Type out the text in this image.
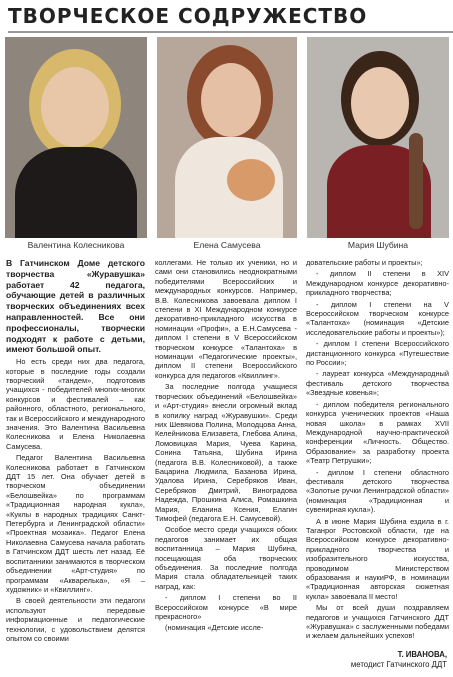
ТВОРЧЕСКОЕ СОДРУЖЕСТВО
Валентина Колесникова	Елена Самусева	Мария Шубина

В Гатчинском Доме детского творчества «Журавушка» работает 42 педагога, обучающие детей в различных творческих объединениях всех направленностей. Все они профессионалы, творчески подходят к работе с детьми, имеют большой опыт.

Но есть среди них два педагога, которые в последние годы создали творческий «тандем», подготовив учащихся - победителей многих-многих конкурсов и фестивалей – как районного, областного, регионального, так и Всероссийского и международного значения. Это Валентина Васильевна Колесникова и Елена Николаевна Самусева.

Педагог Валентина Васильевна Колесникова работает в Гатчинском ДДТ 15 лет. Она обучает детей в творческом объединении «Белошвейка» по программам «Традиционная народная кукла», «Куклы в народных традициях Санкт-Петербурга и Ленинградской области» «Проектная мозаика». Педагог Елена Николаевна Самусева начала работать в Гатчинском ДДТ шесть лет назад. Её воспитанники занимаются в творческом объединении «Арт-студия» по программам «Акварелька», «Я – художник» и «Квиллинг».

В своей деятельности эти педагоги используют передовые информационные и педагогические технологии, с удовольствием делятся опытом со своими

коллегами. Не только их ученики, но и сами они становились неоднократными победителями Всероссийских и международных конкурсов. Например, В.В. Колесникова завоевала диплом I степени в XI Международном конкурсе декоративно-прикладного искусства в номинации «Профи», а Е.Н.Самусева - диплом I степени в V Всероссийском творческом конкурсе «Талантоха» в номинации «Педагогические проекты», диплом II степени Всероссийского конкурса для педагогов «Квиллинг».

За последние полгода учащиеся творческих объединений «Белошвейка» и «Арт-студия» внесли огромный вклад в копилку наград «Журавушки». Среди них Шевякова Полина, Молодцова Анна, Келейникова Елизавета, Глебова Алина, Ломовицкая Мария, Чуева Карина, Сонина Татьяна, Шубина Ирина (педагога В.В. Колесниковой), а также Бацарина Людмила, Базанова Ирина, Удалова Ирина, Серебряков Иван, Серебряков Дмитрий, Виноградова Надежда, Прошкина Алиса, Ромашкина Мария, Еланина Ксения, Елагин Тимофей (педагога Е.Н. Самусевой).

Особое место среди учащихся обоих педагогов занимает их общая воспитанница – Мария Шубина, посещающая оба творческих объединения. За последние полгода Мария стала обладательницей таких наград, как:

- диплом I степени во II Всероссийском конкурсе «В мире прекрасного»

(номинация «Детские иссле-

довательские работы и проекты»;

- диплом II степени в XIV Международном конкурсе декоративно-прикладного творчества;

- диплом I степени на V Всероссийском творческом конкурсе «Талантоха» (номинация «Детские исследовательские работы и проекты»);

- диплом I степени Всероссийского дистанционного конкурса «Путешествие по России»;

- лауреат конкурса «Международный фестиваль детского творчества «Звездные ковенья»;

- диплом победителя регионального конкурса ученических проектов «Наша новая школа» в рамках XVII Международной научно-практической конференции «Личность. Общество. Образование» за разработку проекта «Театр Петрушки»;

- диплом I степени областного фестиваля детского творчества «Золотые ручки Ленинградской области» (номинация «Традиционная и сувенирная кукла»).

А в июне Мария Шубина ездила в г. Таганрог Ростовской области, где на Всероссийском конкурсе декоративно-прикладного творчества и изобразительного искусства, проводимом Министерством образования и наукиРФ, в номинации «Традиционная авторская сюжетная кукла» завоевала II место!

Мы от всей души поздравляем педагогов и учащихся Гатчинского ДДТ «Журавушка» с заслуженными победами и желаем дальнейших успехов!

Т. ИВАНОВА,
методист Гатчинского ДДТ
